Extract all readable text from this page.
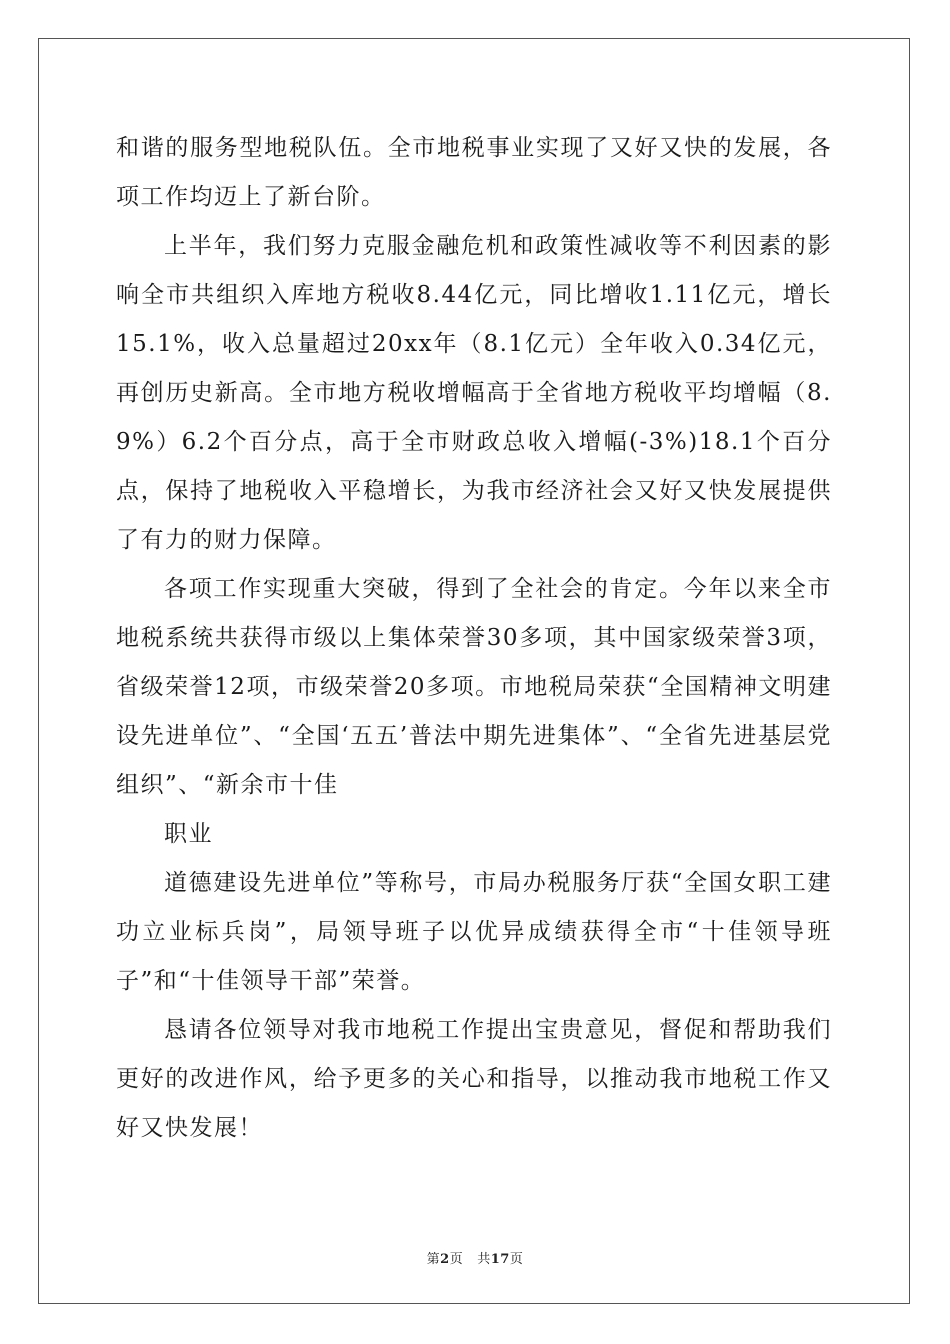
和谐的服务型地税队伍。全市地税事业实现了又好又快的发展，各项工作均迈上了新台阶。

上半年，我们努力克服金融危机和政策性减收等不利因素的影响全市共组织入库地方税收8.44亿元，同比增收1.11亿元，增长15.1%，收入总量超过20xx年（8.1亿元）全年收入0.34亿元，再创历史新高。全市地方税收增幅高于全省地方税收平均增幅（8.9%）6.2个百分点，高于全市财政总收入增幅(-3%)18.1个百分点，保持了地税收入平稳增长，为我市经济社会又好又快发展提供了有力的财力保障。

各项工作实现重大突破，得到了全社会的肯定。今年以来全市地税系统共获得市级以上集体荣誉30多项，其中国家级荣誉3项，省级荣誉12项，市级荣誉20多项。市地税局荣获“全国精神文明建设先进单位”、“全国‘五五’普法中期先进集体”、“全省先进基层党组织”、“新余市十佳

职业

道德建设先进单位”等称号，市局办税服务厅获“全国女职工建功立业标兵岗”，局领导班子以优异成绩获得全市“十佳领导班子”和“十佳领导干部”荣誉。

恳请各位领导对我市地税工作提出宝贵意见，督促和帮助我们更好的改进作风，给予更多的关心和指导，以推动我市地税工作又好又快发展！

第2页 共17页
